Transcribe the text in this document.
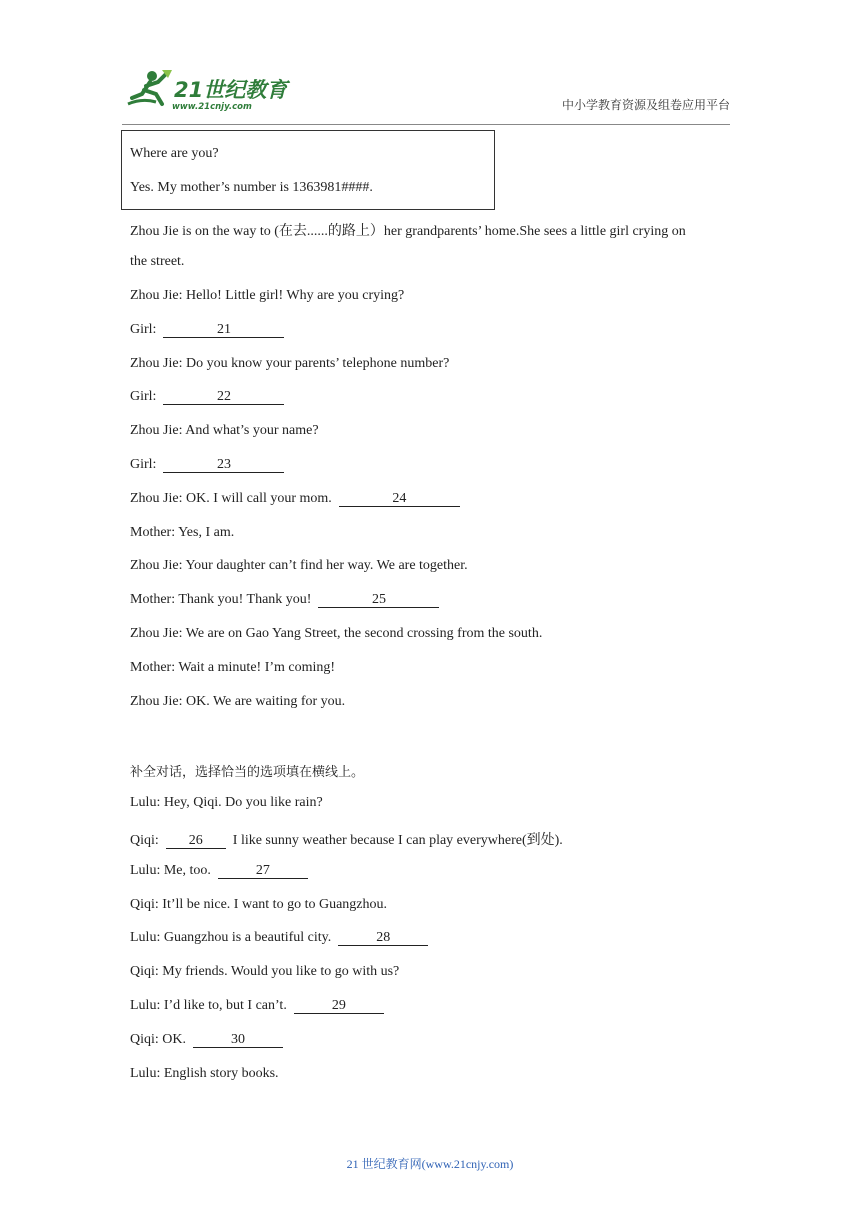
21世纪教育
www.21cnjy.com	中小学教育资源及组卷应用平台
Where are you?
Yes. My mother’s number is 1363981####.
Zhou Jie is on the way to (在去......的路上）her grandparents’ home.She sees a little girl crying on
the street.
Zhou Jie: Hello! Little girl! Why are you crying?
Girl:	21
Zhou Jie: Do you know your parents’ telephone number?
Girl:	22
Zhou Jie: And what’s your name?
Girl:	23
Zhou Jie: OK. I will call your mom.	24
Mother: Yes, I am.
Zhou Jie: Your daughter can’t find her way. We are together.
Mother: Thank you! Thank you!	25
Zhou Jie: We are on Gao Yang Street, the second crossing from the south.
Mother: Wait a minute! I’m coming!
Zhou Jie: OK. We are waiting for you.
补全对话，选择恰当的选项填在横线上。
Lulu: Hey, Qiqi. Do you like rain?
Qiqi: 26 I like sunny weather because I can play everywhere(到处).
Lulu: Me, too.	27
Qiqi: It’ll be nice. I want to go to Guangzhou.
Lulu: Guangzhou is a beautiful city.	28
Qiqi: My friends. Would you like to go with us?
Lulu: I’d like to, but I can’t.	29
Qiqi: OK.	30
Lulu: English story books.
21 世纪教育网(www.21cnjy.com)
